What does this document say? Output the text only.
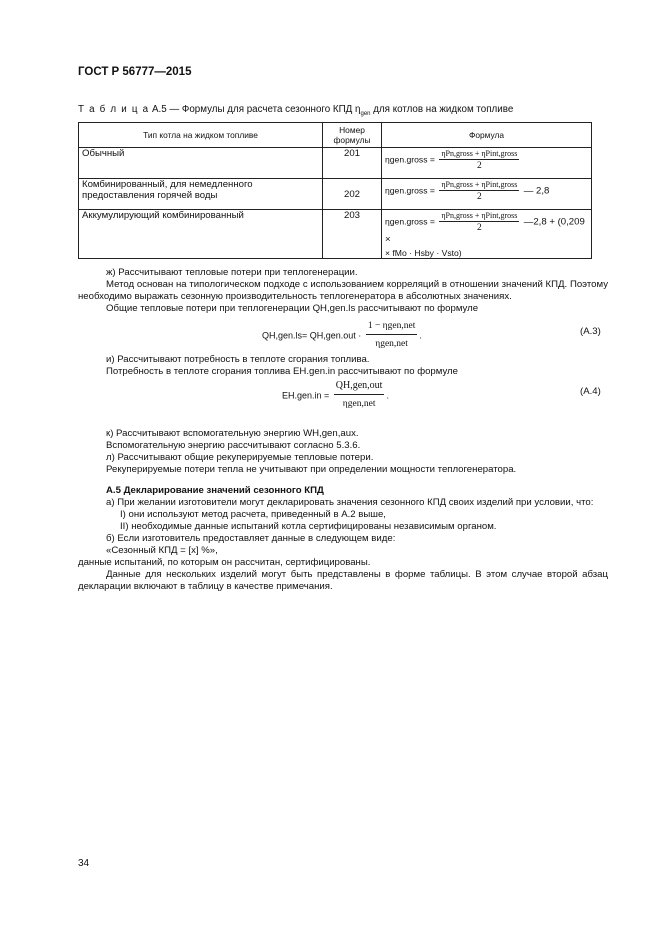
ГОСТ Р 56777—2015
Т а б л и ц а А.5 — Формулы для расчета сезонного КПД $\eta_{gen}$ для котлов на жидком топливе
Тип котла на жидком топливе	Номер формулы	Формула
Обычный	201	ηgen.gross =
ηPn,gross + ηPint,gross
2

Комбинированный, для немедленного предоставления горячей воды	202	ηgen.gross =
ηPn,gross + ηPint,gross
2
— 2,8
Аккумулирующий комбинированный	203	ηgen.gross =
ηPn,gross + ηPint,gross
2
—2,8 + (0,209 ×
× fMo · Hsby · Vsto)
ж) Рассчитывают тепловые потери при теплогенерации.
Метод основан на типологическом подходе с использованием корреляций в отношении значений КПД. Поэтому необходимо выражать сезонную производительность теплогенератора в абсолютных значениях.
Общие тепловые потери при теплогенерации QH,gen.ls рассчитывают по формуле
QH,gen.ls= QH,gen.out ·
1 − ηgen,net
ηgen,net
.	(А.3)
и) Рассчитывают потребность в теплоте сгорания топлива.
Потребность в теплоте сгорания топлива EH.gen.in рассчитывают по формуле
EH.gen.in =
QH,gen,out
ηgen,net
.	(А.4)
к) Рассчитывают вспомогательную энергию WH,gen,aux.
Вспомогательную энергию рассчитывают согласно 5.3.6.
л) Рассчитывают общие рекуперируемые тепловые потери.
Рекуперируемые потери тепла не учитывают при определении мощности теплогенератора.
А.5 Декларирование значений сезонного КПД
а) При желании изготовители могут декларировать значения сезонного КПД своих изделий при условии, что:
I) они используют метод расчета, приведенный в А.2 выше,
II) необходимые данные испытаний котла сертифицированы независимым органом.
б) Если изготовитель предоставляет данные в следующем виде:
«Сезонный КПД = [x] %»,
данные испытаний, по которым он рассчитан, сертифицированы.
Данные для нескольких изделий могут быть представлены в форме таблицы. В этом случае второй абзац декларации включают в таблицу в качестве примечания.
34
